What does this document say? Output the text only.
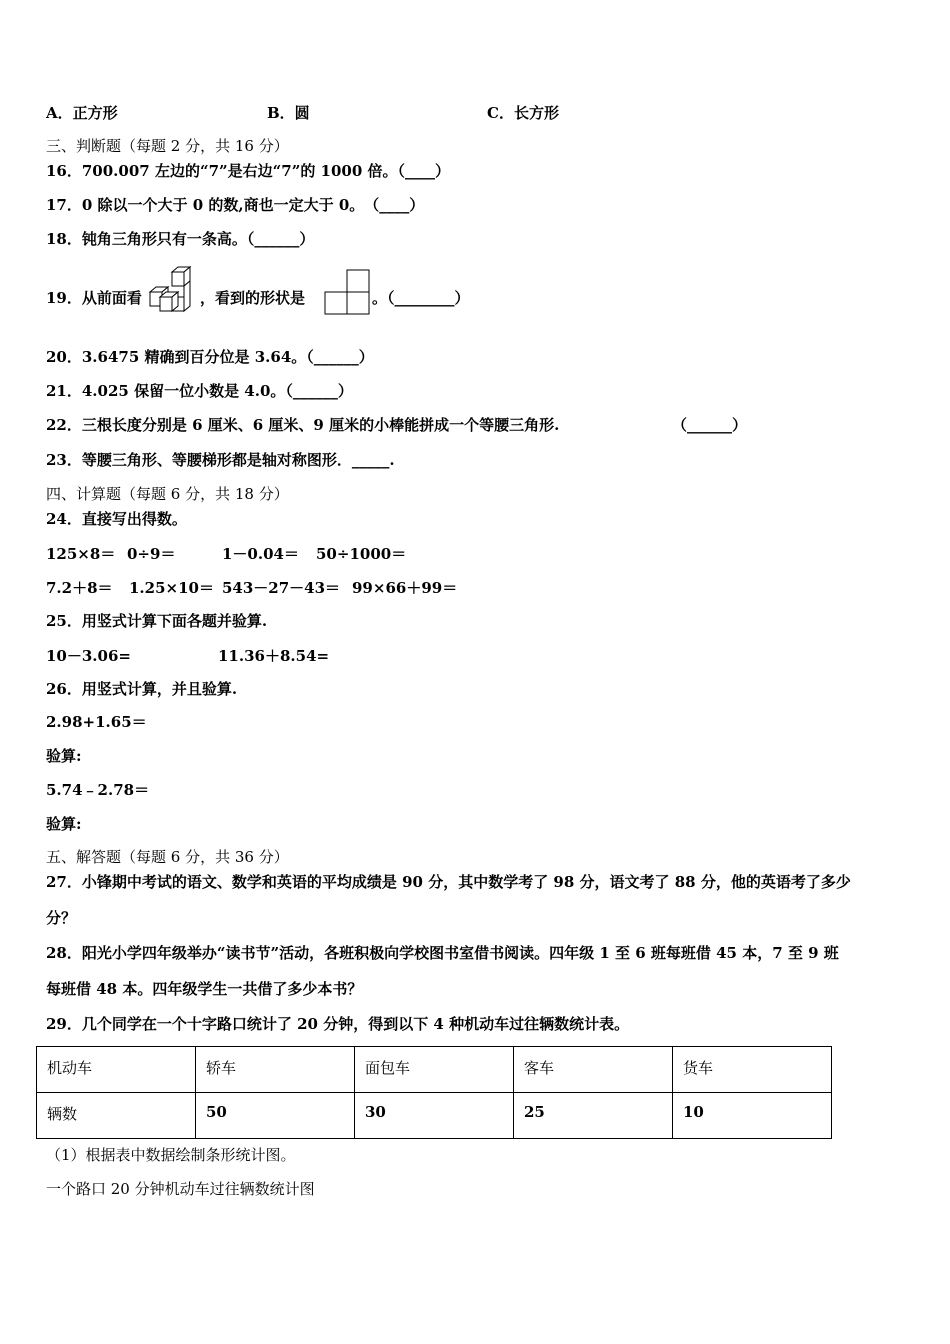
A．正方形	B．圆	C．长方形
三、判断题（每题 2 分，共 16 分）
16．700.007 左边的“7”是右边“7”的 1000 倍。（____）
17．0 除以一个大于 0 的数,商也一定大于 0。　（____）
18．钝角三角形只有一条高。（______）
19．从前面看	，看到的形状是	。（________）
20．3.6475 精确到百分位是 3.64。（______）
21．4.025 保留一位小数是 4.0。（______）
22．三根长度分别是 6 厘米、6 厘米、9 厘米的小棒能拼成一个等腰三角形.	（______）
23．等腰三角形、等腰梯形都是轴对称图形．_____.
四、计算题（每题 6 分，共 18 分）
24．直接写出得数。
125×8＝ 0÷9＝	1－0.04＝ 50÷1000＝
7.2＋8＝ 1.25×10＝ 543－27－43＝ 99×66＋99＝
25．用竖式计算下面各题并验算.
10－3.06=	11.36＋8.54=
26．用竖式计算，并且验算.
2.98+1.65＝
验算:
5.74﹣2.78＝
验算:
五、解答题（每题 6 分，共 36 分）
27．小锋期中考试的语文、数学和英语的平均成绩是 90 分，其中数学考了 98 分，语文考了 88 分，他的英语考了多少
分？
28．阳光小学四年级举办“读书节”活动，各班积极向学校图书室借书阅读。四年级 1 至 6 班每班借 45 本，7 至 9 班
每班借 48 本。四年级学生一共借了多少本书？
29．几个同学在一个十字路口统计了 20 分钟，得到以下 4 种机动车过往辆数统计表。
机动车	轿车	面包车	客车	货车
辆数	50	30	25	10
（1）根据表中数据绘制条形统计图。
一个路口 20 分钟机动车过往辆数统计图
